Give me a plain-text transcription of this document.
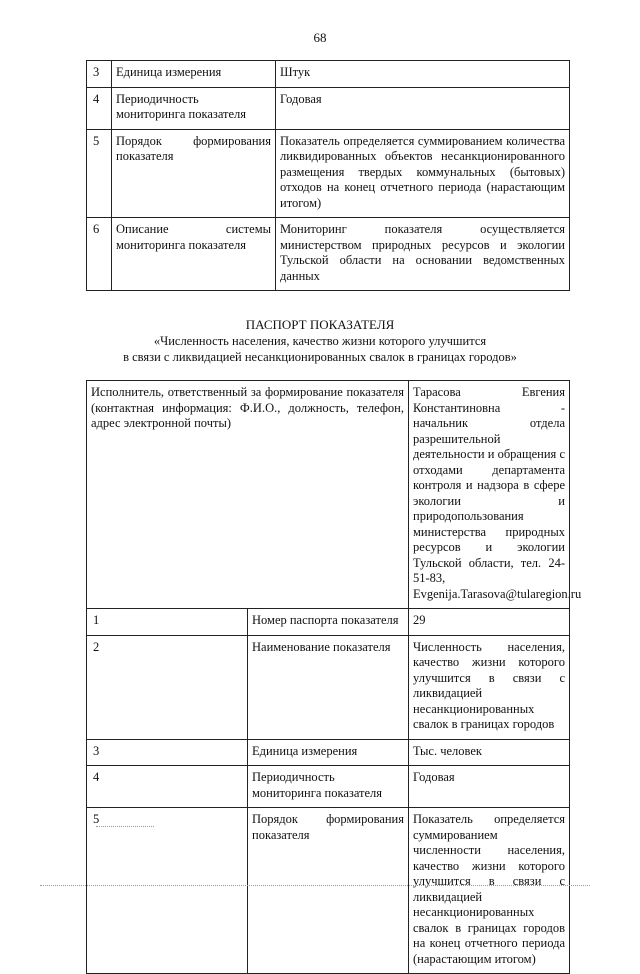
68
3	Единица измерения	Штук
4	Периодичность мониторинга показателя	Годовая
5	Порядок формирования показателя	Показатель определяется суммированием количества ликвидированных объектов несанкционированного размещения твердых коммунальных (бытовых) отходов на конец отчетного периода (нарастающим итогом)
6	Описание системы мониторинга показателя	Мониторинг показателя осуществляется министерством природных ресурсов и экологии Тульской области на основании ведомственных данных
ПАСПОРТ ПОКАЗАТЕЛЯ
«Численность населения, качество жизни которого улучшится
в связи с ликвидацией несанкционированных свалок в границах городов»
Исполнитель, ответственный за формирование показателя (контактная информация: Ф.И.О., должность, телефон, адрес электронной почты)		Тарасова Евгения Константиновна - начальник отдела разрешительной деятельности и обращения с отходами департамента контроля и надзора в сфере экологии и природопользования министерства природных ресурсов и экологии Тульской области, тел. 24-51-83,
Evgenija.Tarasova@tularegion.ru
1	Номер паспорта показателя	29
2	Наименование показателя	Численность населения, качество жизни которого улучшится в связи с ликвидацией несанкционированных свалок в границах городов
3	Единица измерения	Тыс. человек
4	Периодичность мониторинга показателя	Годовая
5	Порядок формирования показателя	Показатель определяется суммированием численности населения, качество жизни которого улучшится в связи с ликвидацией несанкционированных свалок в границах городов на конец отчетного периода (нарастающим итогом)
